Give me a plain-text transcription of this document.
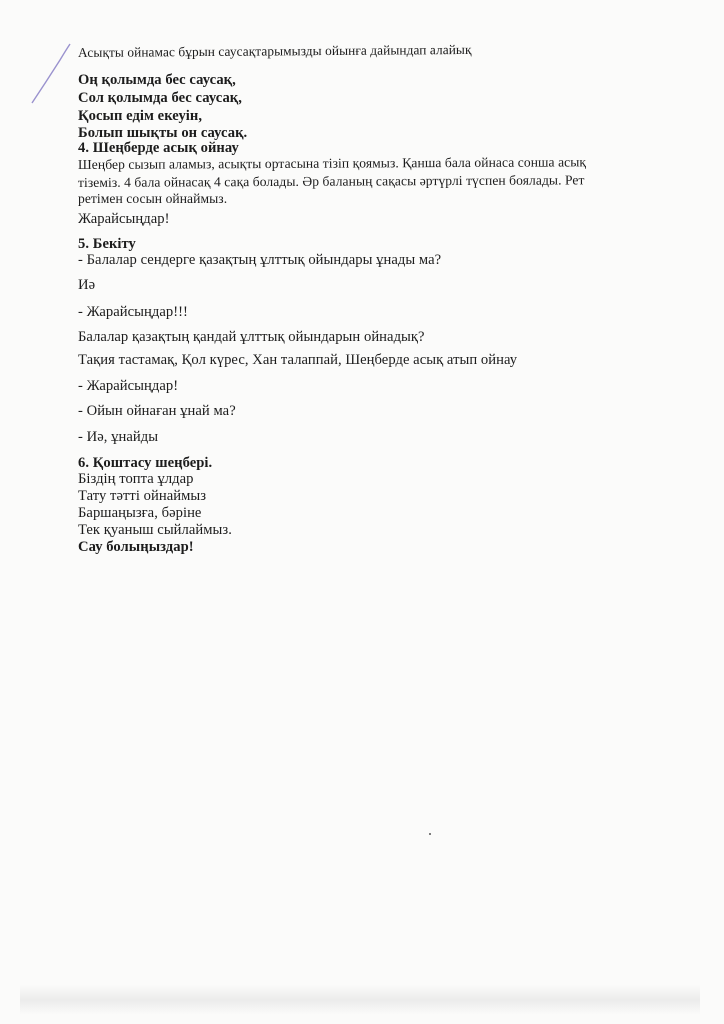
Асықты ойнамас бұрын саусақтарымызды ойынға дайындап алайық
Оң қолымда бес саусақ,
Сол қолымда бес саусақ,
Қосып едім екеуін,
Болып шықты он саусақ.
4. Шеңберде асық ойнау
Шеңбер сызып аламыз, асықты ортасына тізіп қоямыз. Қанша бала ойнаса сонша асық
тіземіз. 4 бала ойнасақ 4 сақа болады. Әр баланың сақасы әртүрлі түспен боялады. Рет
ретімен сосын ойнаймыз.
Жарайсыңдар!
5. Бекіту
- Балалар сендерге қазақтың ұлттық ойындары ұнады ма?
Иә
- Жарайсыңдар!!!
Балалар қазақтың қандай ұлттық ойындарын ойнадық?
Тақия тастамақ, Қол күрес, Хан талаппай, Шеңберде асық атып ойнау
- Жарайсыңдар!
- Ойын ойнаған ұнай ма?
- Иә, ұнайды
6. Қоштасу шеңбері.
Біздің топта ұлдар
Тату тәтті ойнаймыз
Баршаңызға, бәріне
Тек қуаныш сыйлаймыз.
Сау болыңыздар!
